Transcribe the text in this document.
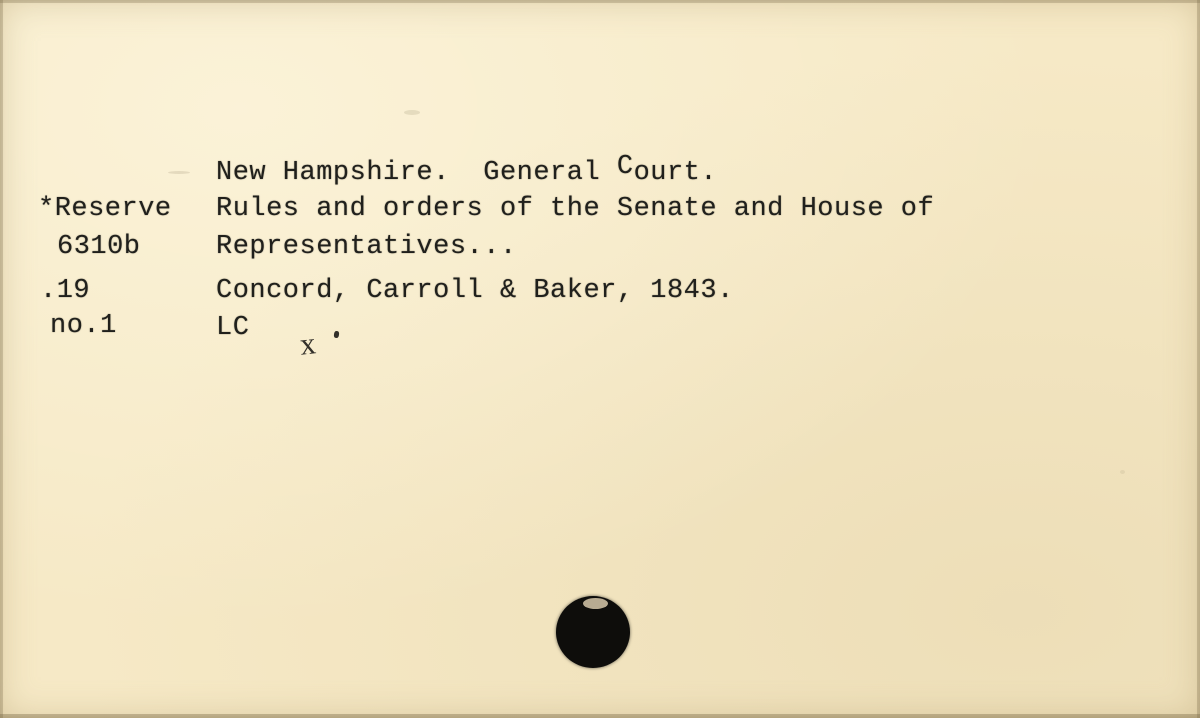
*Reserve
6310b
.19
no.1
New Hampshire.  General Court.
Rules and orders of the Senate and House of
Representatives...
Concord, Carroll & Baker, 1843.
LC x
